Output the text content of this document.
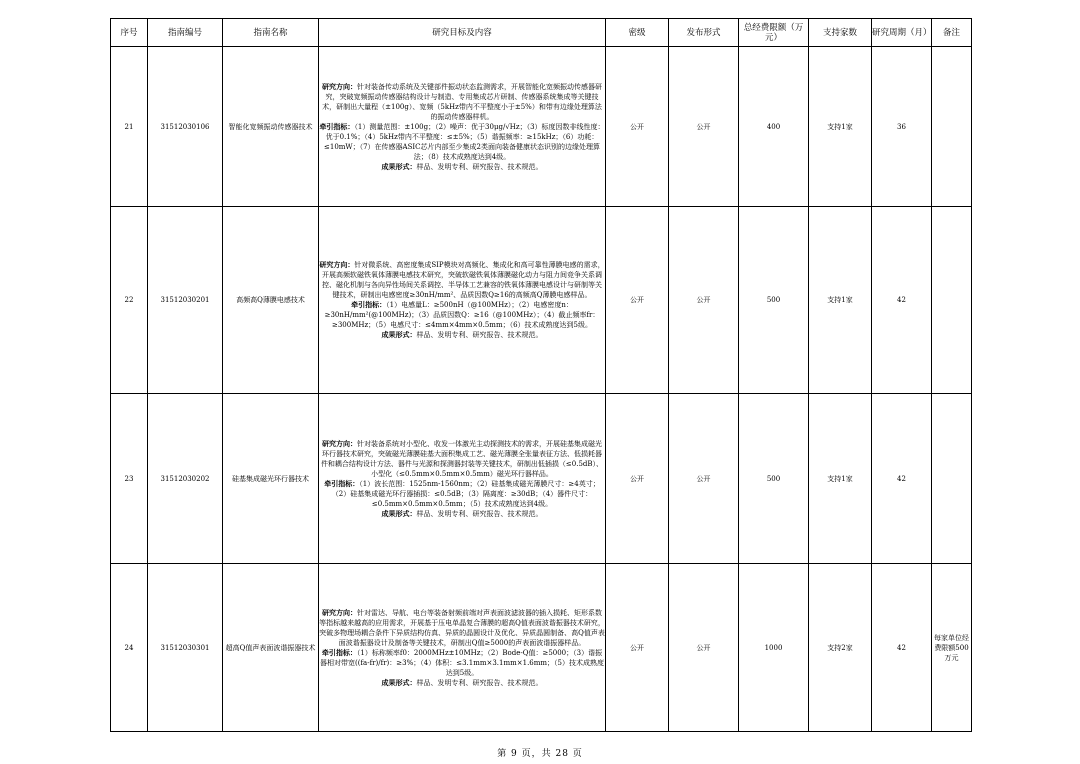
序号	指南编号	指南名称	研究目标及内容	密级	发布形式	总经费限额（万元）	支持家数	研究周期（月）	备注
21	31512030106	智能化宽频振动传感器技术	研究方向：针对装备传动系统及关键部件振动状态监测需求，开展智能化宽频振动传感器研究，突破宽频振动传感器结构设计与制造、专用集成芯片研制、传感器系统集成等关键技术，研制出大量程（±100g）、宽频（5kHz带内不平整度小于±5%）和带有边缘处理算法的振动传感器样机。
牵引指标：（1）测量范围：±100g；（2）噪声：优于30μg/√Hz；（3）标度因数非线性度：优于0.1%；（4）5kHz带内不平整度：≤±5%；（5）谐振频率：≥15kHz；（6）功耗：≤10mW；（7）在传感器ASIC芯片内部至少集成2类面向装备健康状态识别的边缘处理算法；（8）技术成熟度达到4级。
成果形式：样品、发明专利、研究报告、技术规范。	公开	公开	400	支持1家	36	
22	31512030201	高频高Q薄膜电感技术	研究方向：针对微系统、高密度集成SIP模块对高频化、集成化和高可靠性薄膜电感的需求，开展高频软磁铁氧体薄膜电感技术研究，突破软磁铁氧体薄膜磁化动力与阻力间竞争关系调控、磁化机制与各向异性场间关系调控、半导体工艺兼容的铁氧体薄膜电感设计与研制等关键技术，研制出电感密度≥30nH/mm²、品质因数Q≥16的高频高Q薄膜电感样品。
牵引指标：（1）电感量L：≥500nH（@100MHz）；（2）电感密度n：≥30nH/mm²(@100MHz)；（3）品质因数Q：≥16（@100MHz）；（4）截止频率fr：≥300MHz；（5）电感尺寸：≤4mm×4mm×0.5mm；（6）技术成熟度达到5级。
成果形式：样品、发明专利、研究报告、技术规范。	公开	公开	500	支持1家	42	
23	31512030202	硅基集成磁光环行器技术	研究方向：针对装备系统对小型化、收发一体激光主动探测技术的需求，开展硅基集成磁光环行器技术研究，突破磁光薄膜硅基大面积集成工艺、磁光薄膜全张量表征方法、低损耗器件和耦合结构设计方法、器件与光源和探测器封装等关键技术，研制出低插损（≤0.5dB）、小型化（≤0.5mm×0.5mm×0.5mm）磁光环行器样品。
牵引指标：（1）波长范围：1525nm-1560nm；（2）硅基集成磁光薄膜尺寸：≥4英寸；（2）硅基集成磁光环行器插损：≤0.5dB；（3）隔离度：≥30dB；（4）器件尺寸：≤0.5mm×0.5mm×0.5mm；（5）技术成熟度达到4级。
成果形式：样品、发明专利、研究报告、技术规范。	公开	公开	500	支持1家	42	
24	31512030301	超高Q值声表面波谐振器技术	研究方向：针对雷达、导航、电台等装备射频前端对声表面波滤波器的插入损耗、矩形系数等指标越来越高的应用需求，开展基于压电单晶复合薄膜的超高Q值表面波谐振器技术研究，突破多物理场耦合条件下异质结构仿真、异质的晶圆设计及优化、异质晶圆制备、高Q值声表面波谐振器设计及制备等关键技术，研制出Q值≥5000的声表面波谐振器样品。
牵引指标：（1）标称频率f0：2000MHz±10MHz；（2）Bode-Q值：≥5000；（3）谐振器相对带宽((fa-fr)/fr)：≥3%；（4）体积：≤3.1mm×3.1mm×1.6mm；（5）技术成熟度达到5级。
成果形式：样品、发明专利、研究报告、技术规范。	公开	公开	1000	支持2家	42	每家单位经费限额500万元
第 9 页，共 28 页
